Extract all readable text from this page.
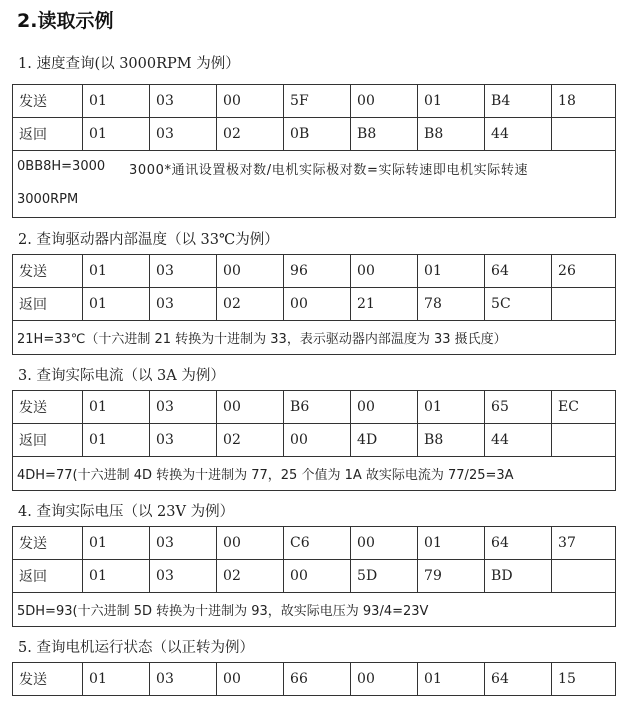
2.读取示例
1. 速度查询(以 3000RPM 为例）
发送	01	03	00	5F	00	01	B4	18
返回	01	03	02	0B	B8	B8	44	

0BB8H=3000 3000*通讯设置极对数/电机实际极对数=实际转速即电机实际转速
3000RPM								
2. 查询驱动器内部温度（以 33℃为例）
发送	01	03	00	96	00	01	64	26
返回	01	03	02	00	21	78	5C	
21H=33℃（十六进制 21 转换为十进制为 33，表示驱动器内部温度为 33 摄氏度）								
3. 查询实际电流（以 3A 为例）
发送	01	03	00	B6	00	01	65	EC
返回	01	03	02	00	4D	B8	44	
4DH=77(十六进制 4D 转换为十进制为 77，25 个值为 1A 故实际电流为 77/25=3A								
4. 查询实际电压（以 23V 为例）
发送	01	03	00	C6	00	01	64	37
返回	01	03	02	00	5D	79	BD	
5DH=93(十六进制 5D 转换为十进制为 93，故实际电压为 93/4=23V								
5. 查询电机运行状态（以正转为例）
发送	01	03	00	66	00	01	64	15
